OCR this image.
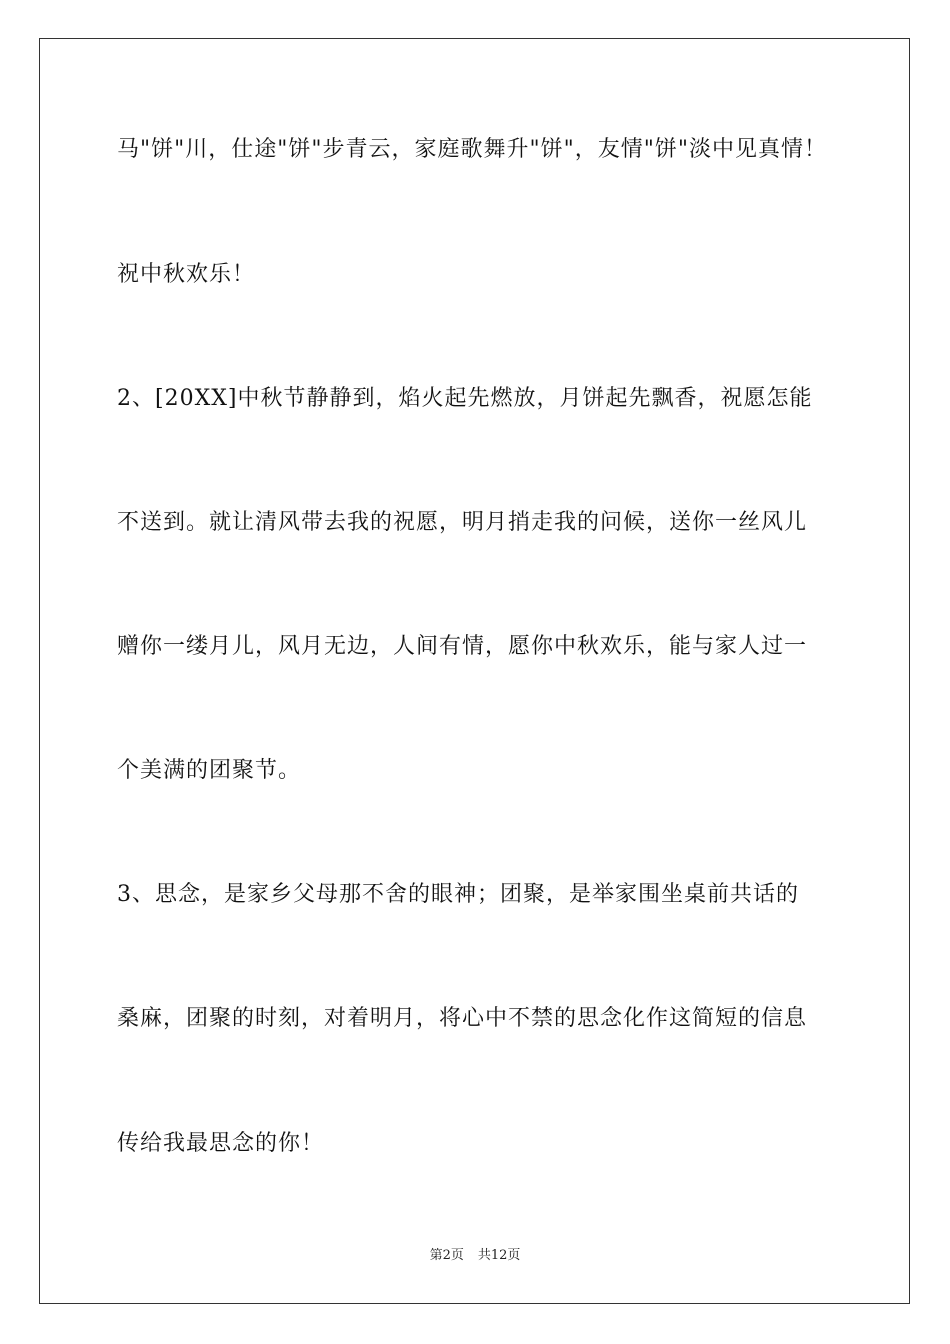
马"饼"川，仕途"饼"步青云，家庭歌舞升"饼"，友情"饼"淡中见真情！
祝中秋欢乐！
2、[20XX]中秋节静静到，焰火起先燃放，月饼起先飘香，祝愿怎能
不送到。就让清风带去我的祝愿，明月捎走我的问候，送你一丝风儿
赠你一缕月儿，风月无边，人间有情，愿你中秋欢乐，能与家人过一
个美满的团聚节。
3、思念，是家乡父母那不舍的眼神；团聚，是举家围坐桌前共话的
桑麻，团聚的时刻，对着明月，将心中不禁的思念化作这简短的信息
传给我最思念的你！
第2页 共12页
